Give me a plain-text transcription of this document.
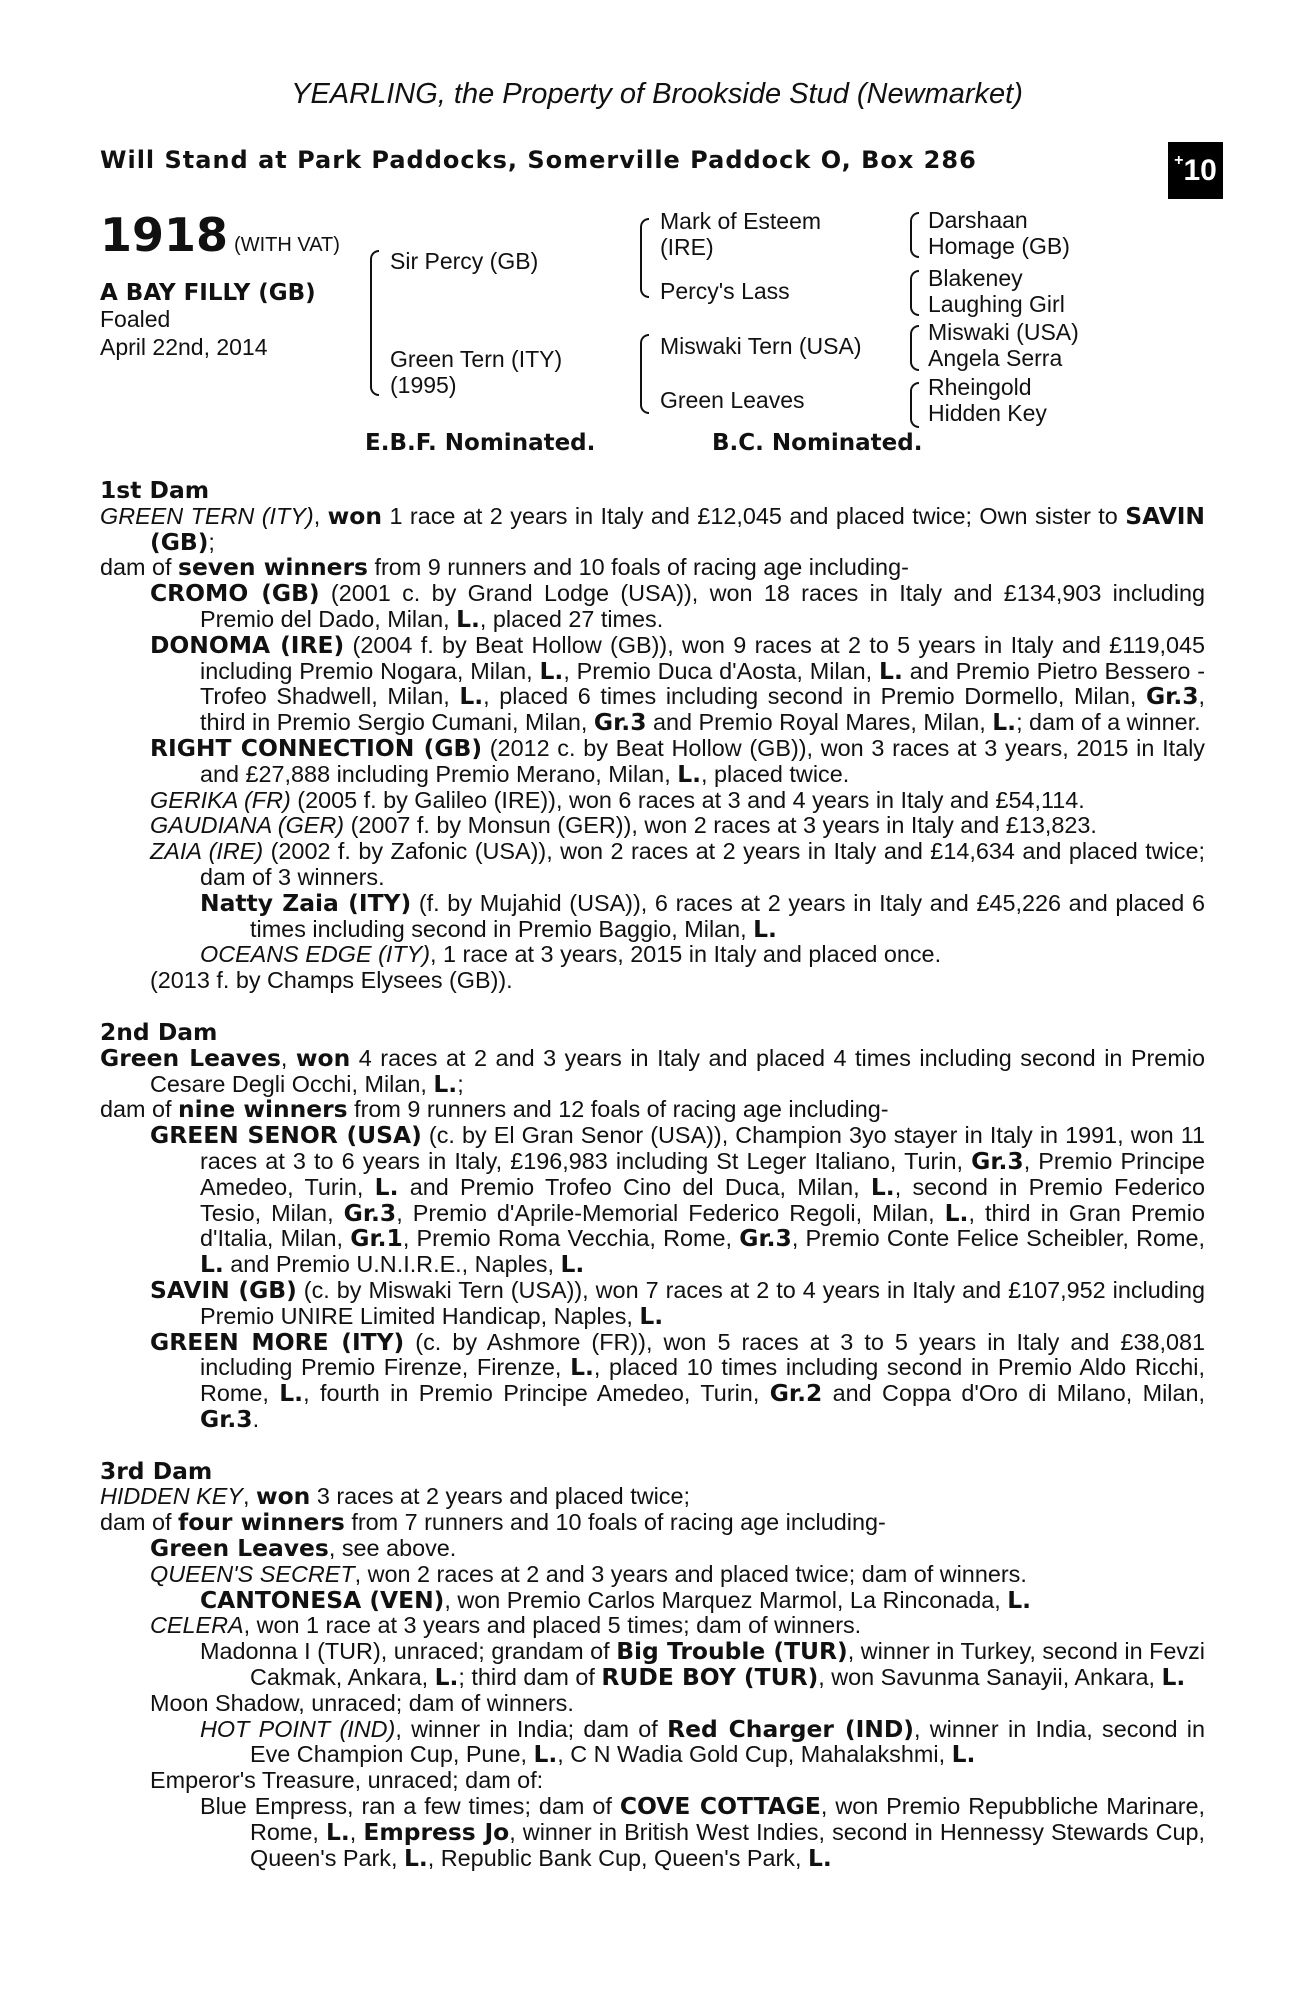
YEARLING, the Property of Brookside Stud (Newmarket)
Will Stand at Park Paddocks, Somerville Paddock O, Box 286	+ 10
1918 (WITH VAT)
A BAY FILLY (GB)
Foaled
April 22nd, 2014
Sir Percy (GB)
Green Tern (ITY)
(1995)
Mark of Esteem
(IRE)
Percy's Lass
Miswaki Tern (USA)
Green Leaves
Darshaan
Homage (GB)
Blakeney
Laughing Girl
Miswaki (USA)
Angela Serra
Rheingold
Hidden Key
E.B.F. Nominated.	B.C. Nominated.
1st Dam
GREEN TERN (ITY), won 1 race at 2 years in Italy and £12,045 and placed twice; Own sister to SAVIN (GB);
dam of seven winners from 9 runners and 10 foals of racing age including-
CROMO (GB) (2001 c. by Grand Lodge (USA)), won 18 races in Italy and £134,903 including Premio del Dado, Milan, L., placed 27 times.
DONOMA (IRE) (2004 f. by Beat Hollow (GB)), won 9 races at 2 to 5 years in Italy and £119,045 including Premio Nogara, Milan, L., Premio Duca d'Aosta, Milan, L. and Premio Pietro Bessero - Trofeo Shadwell, Milan, L., placed 6 times including second in Premio Dormello, Milan, Gr.3, third in Premio Sergio Cumani, Milan, Gr.3 and Premio Royal Mares, Milan, L.; dam of a winner.
RIGHT CONNECTION (GB) (2012 c. by Beat Hollow (GB)), won 3 races at 3 years, 2015 in Italy and £27,888 including Premio Merano, Milan, L., placed twice.
GERIKA (FR) (2005 f. by Galileo (IRE)), won 6 races at 3 and 4 years in Italy and £54,114.
GAUDIANA (GER) (2007 f. by Monsun (GER)), won 2 races at 3 years in Italy and £13,823.
ZAIA (IRE) (2002 f. by Zafonic (USA)), won 2 races at 2 years in Italy and £14,634 and placed twice; dam of 3 winners.
Natty Zaia (ITY) (f. by Mujahid (USA)), 6 races at 2 years in Italy and £45,226 and placed 6 times including second in Premio Baggio, Milan, L.
OCEANS EDGE (ITY), 1 race at 3 years, 2015 in Italy and placed once.
(2013 f. by Champs Elysees (GB)).
2nd Dam
Green Leaves, won 4 races at 2 and 3 years in Italy and placed 4 times including second in Premio Cesare Degli Occhi, Milan, L.;
dam of nine winners from 9 runners and 12 foals of racing age including-
GREEN SENOR (USA) (c. by El Gran Senor (USA)), Champion 3yo stayer in Italy in 1991, won 11 races at 3 to 6 years in Italy, £196,983 including St Leger Italiano, Turin, Gr.3, Premio Principe Amedeo, Turin, L. and Premio Trofeo Cino del Duca, Milan, L., second in Premio Federico Tesio, Milan, Gr.3, Premio d'Aprile-Memorial Federico Regoli, Milan, L., third in Gran Premio d'Italia, Milan, Gr.1, Premio Roma Vecchia, Rome, Gr.3, Premio Conte Felice Scheibler, Rome, L. and Premio U.N.I.R.E., Naples, L.
SAVIN (GB) (c. by Miswaki Tern (USA)), won 7 races at 2 to 4 years in Italy and £107,952 including Premio UNIRE Limited Handicap, Naples, L.
GREEN MORE (ITY) (c. by Ashmore (FR)), won 5 races at 3 to 5 years in Italy and £38,081 including Premio Firenze, Firenze, L., placed 10 times including second in Premio Aldo Ricchi, Rome, L., fourth in Premio Principe Amedeo, Turin, Gr.2 and Coppa d'Oro di Milano, Milan, Gr.3.
3rd Dam
HIDDEN KEY, won 3 races at 2 years and placed twice;
dam of four winners from 7 runners and 10 foals of racing age including-
Green Leaves, see above.
QUEEN'S SECRET, won 2 races at 2 and 3 years and placed twice; dam of winners.
CANTONESA (VEN), won Premio Carlos Marquez Marmol, La Rinconada, L.
CELERA, won 1 race at 3 years and placed 5 times; dam of winners.
Madonna I (TUR), unraced; grandam of Big Trouble (TUR), winner in Turkey, second in Fevzi Cakmak, Ankara, L.; third dam of RUDE BOY (TUR), won Savunma Sanayii, Ankara, L.
Moon Shadow, unraced; dam of winners.
HOT POINT (IND), winner in India; dam of Red Charger (IND), winner in India, second in Eve Champion Cup, Pune, L., C N Wadia Gold Cup, Mahalakshmi, L.
Emperor's Treasure, unraced; dam of:
Blue Empress, ran a few times; dam of COVE COTTAGE, won Premio Repubbliche Marinare, Rome, L., Empress Jo, winner in British West Indies, second in Hennessy Stewards Cup, Queen's Park, L., Republic Bank Cup, Queen's Park, L.
